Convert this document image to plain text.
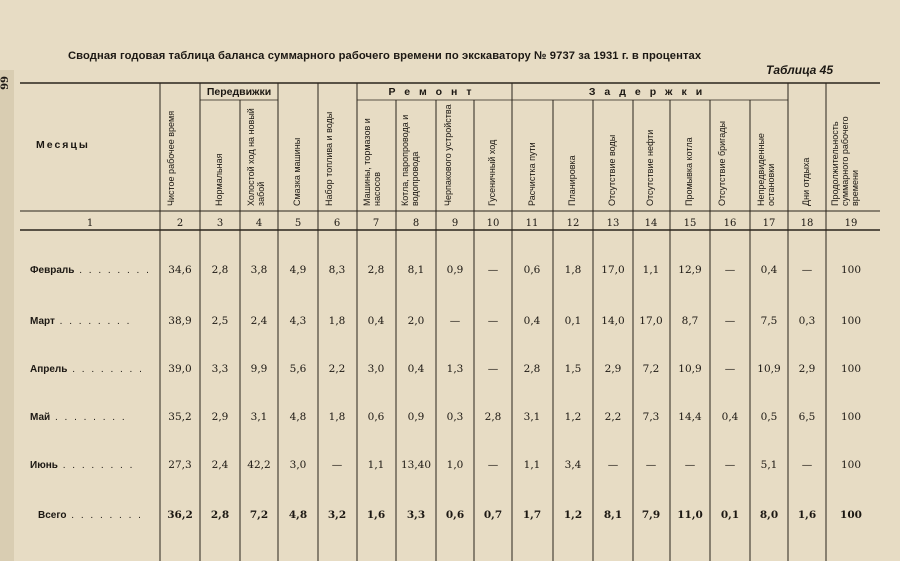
99
Сводная годовая таблица баланса суммарного рабочего времени по экскаватору № 9737 за 1931 г. в процентах
Таблица 45
Месяцы
Передвижки	Ремонт	Задержки
Чистое рабочее время	Нормальная	Холостой ход на новый забой	Смазка машины	Набор топлива и воды	Машины, тормазов и насосов	Котла, паропровода и водопровода	Черпакового устройства	Гусеничный ход	Расчистка пути	Планировка	Отсутствие воды	Отсутствие нефти	Промывка котла	Отсутствие бригады	Непредвиденные остановки	Дни отдыха	Продолжительность суммарного рабочего времени
1	2	3	4	5	6	7	8	9	10	11	12	13	14	15	16	17	18	19
Февраль . . . . . . . . 34,6 2,8 3,8 4,9 8,3 2,8 8,1 0,9 — 0,6 1,8 17,0 1,1 12,9 — 0,4 —	100
Март . . . . . . . .	38,9 2,5 2,4 4,3 1,8 0,4 2,0 —	— 0,4 0,1 14,0 17,0 8,7	— 7,5 0,3 100
Апрель . . . . . . . . 39,0 3,3 9,9 5,6 2,2 3,0 0,4 1,3 — 2,8 1,5 2,9 7,2 10,9 — 10,9 2,9 100
Май . . . . . . . .	35,2 2,9 3,1 4,8 1,8 0,6 0,9 0,3 2,8 3,1 1,2 2,2 7,3 14,4 0,4 0,5 6,5 100
Июнь . . . . . . . .	27,3 2,4 42,2 3,0 — 1,1 13,40 1,0 — 1,1 3,4	—	—	—	— 5,1 —	100
Всего . . . . . . . . 36,2 2,8 7,2 4,8 3,2 1,6 3,3 0,6 0,7 1,7 1,2 8,1 7,9 11,0 0,1 8,0 1,6 100
